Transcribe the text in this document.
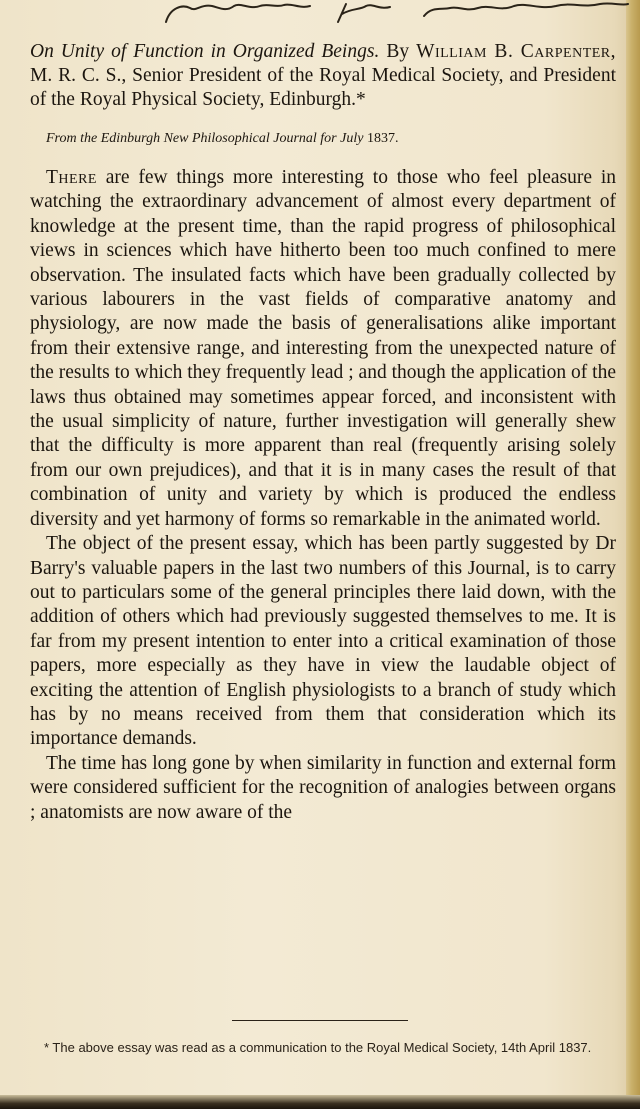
On Unity of Function in Organized Beings. By William B. Carpenter, M. R. C. S., Senior President of the Royal Medical Society, and President of the Royal Physical Society, Edinburgh.*

From the Edinburgh New Philosophical Journal for July 1837.

There are few things more interesting to those who feel pleasure in watching the extraordinary advancement of almost every department of knowledge at the present time, than the rapid progress of philosophical views in sciences which have hitherto been too much confined to mere observation. The insulated facts which have been gradually collected by various labourers in the vast fields of comparative anatomy and physiology, are now made the basis of generalisations alike important from their extensive range, and interesting from the unexpected nature of the results to which they frequently lead ; and though the application of the laws thus obtained may sometimes appear forced, and inconsistent with the usual simplicity of nature, further investigation will generally shew that the difficulty is more apparent than real (frequently arising solely from our own prejudices), and that it is in many cases the result of that combination of unity and variety by which is produced the endless diversity and yet harmony of forms so remarkable in the animated world.

The object of the present essay, which has been partly suggested by Dr Barry's valuable papers in the last two numbers of this Journal, is to carry out to particulars some of the general principles there laid down, with the addition of others which had previously suggested themselves to me. It is far from my present intention to enter into a critical examination of those papers, more especially as they have in view the laudable object of exciting the attention of English physiologists to a branch of study which has by no means received from them that consideration which its importance demands.

The time has long gone by when similarity in function and external form were considered sufficient for the recognition of analogies between organs ; anatomists are now aware of the

* The above essay was read as a communication to the Royal Medical Society, 14th April 1837.
